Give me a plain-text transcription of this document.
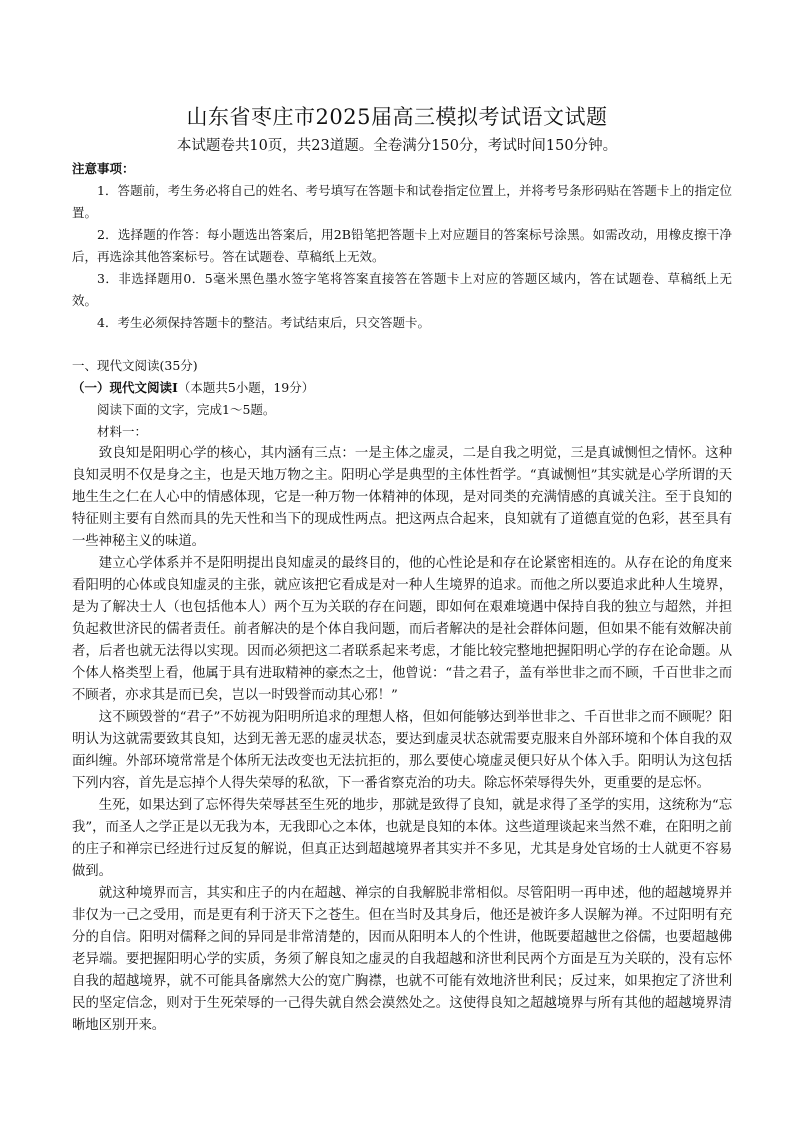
山东省枣庄市2025届高三模拟考试语文试题
本试题卷共10页，共23道题。全卷满分150分，考试时间150分钟。

注意事项：

1．答题前，考生务必将自己的姓名、考号填写在答题卡和试卷指定位置上，并将考号条形码贴在答题卡上的指定位置。

2．选择题的作答：每小题选出答案后，用2B铅笔把答题卡上对应题目的答案标号涂黑。如需改动，用橡皮擦干净后，再选涂其他答案标号。答在试题卷、草稿纸上无效。

3．非选择题用0．5毫米黑色墨水签字笔将答案直接答在答题卡上对应的答题区域内，答在试题卷、草稿纸上无效。

4．考生必须保持答题卡的整洁。考试结束后，只交答题卡。

一、现代文阅读(35分)

（一）现代文阅读Ⅰ（本题共5小题，19分）

阅读下面的文字，完成1～5题。

材料一：

致良知是阳明心学的核心，其内涵有三点：一是主体之虚灵，二是自我之明觉，三是真诚恻怛之情怀。这种良知灵明不仅是身之主，也是天地万物之主。阳明心学是典型的主体性哲学。“真诚恻怛”其实就是心学所谓的天地生生之仁在人心中的情感体现，它是一种万物一体精神的体现，是对同类的充满情感的真诚关注。至于良知的特征则主要有自然而具的先天性和当下的现成性两点。把这两点合起来，良知就有了道德直觉的色彩，甚至具有一些神秘主义的味道。

建立心学体系并不是阳明提出良知虚灵的最终目的，他的心性论是和存在论紧密相连的。从存在论的角度来看阳明的心体或良知虚灵的主张，就应该把它看成是对一种人生境界的追求。而他之所以要追求此种人生境界，是为了解决士人（也包括他本人）两个互为关联的存在问题，即如何在艰难境遇中保持自我的独立与超然，并担负起救世济民的儒者责任。前者解决的是个体自我问题，而后者解决的是社会群体问题，但如果不能有效解决前者，后者也就无法得以实现。因而必须把这二者联系起来考虑，才能比较完整地把握阳明心学的存在论命题。从个体人格类型上看，他属于具有进取精神的豪杰之士，他曾说：“昔之君子，盖有举世非之而不顾，千百世非之而不顾者，亦求其是而已矣，岂以一时毁誉而动其心邪！”

这不顾毁誉的“君子”不妨视为阳明所追求的理想人格，但如何能够达到举世非之、千百世非之而不顾呢？阳明认为这就需要致其良知，达到无善无恶的虚灵状态，要达到虚灵状态就需要克服来自外部环境和个体自我的双面纠缠。外部环境常常是个体所无法改变也无法抗拒的，那么要使心境虚灵便只好从个体入手。阳明认为这包括下列内容，首先是忘掉个人得失荣辱的私欲，下一番省察克治的功夫。除忘怀荣辱得失外，更重要的是忘怀。

生死，如果达到了忘怀得失荣辱甚至生死的地步，那就是致得了良知，就是求得了圣学的实用，这统称为“忘我”，而圣人之学正是以无我为本，无我即心之本体，也就是良知的本体。这些道理谈起来当然不难，在阳明之前的庄子和禅宗已经进行过反复的解说，但真正达到超越境界者其实并不多见，尤其是身处官场的士人就更不容易做到。

就这种境界而言，其实和庄子的内在超越、禅宗的自我解脱非常相似。尽管阳明一再申述，他的超越境界并非仅为一己之受用，而是更有利于济天下之苍生。但在当时及其身后，他还是被许多人误解为禅。不过阳明有充分的自信。阳明对儒释之间的异同是非常清楚的，因而从阳明本人的个性讲，他既要超越世之俗儒，也要超越佛老异端。要把握阳明心学的实质，务须了解良知之虚灵的自我超越和济世利民两个方面是互为关联的，没有忘怀自我的超越境界，就不可能具备廓然大公的宽广胸襟，也就不可能有效地济世利民；反过来，如果抱定了济世利民的坚定信念，则对于生死荣辱的一己得失就自然会漠然处之。这使得良知之超越境界与所有其他的超越境界清晰地区别开来。
